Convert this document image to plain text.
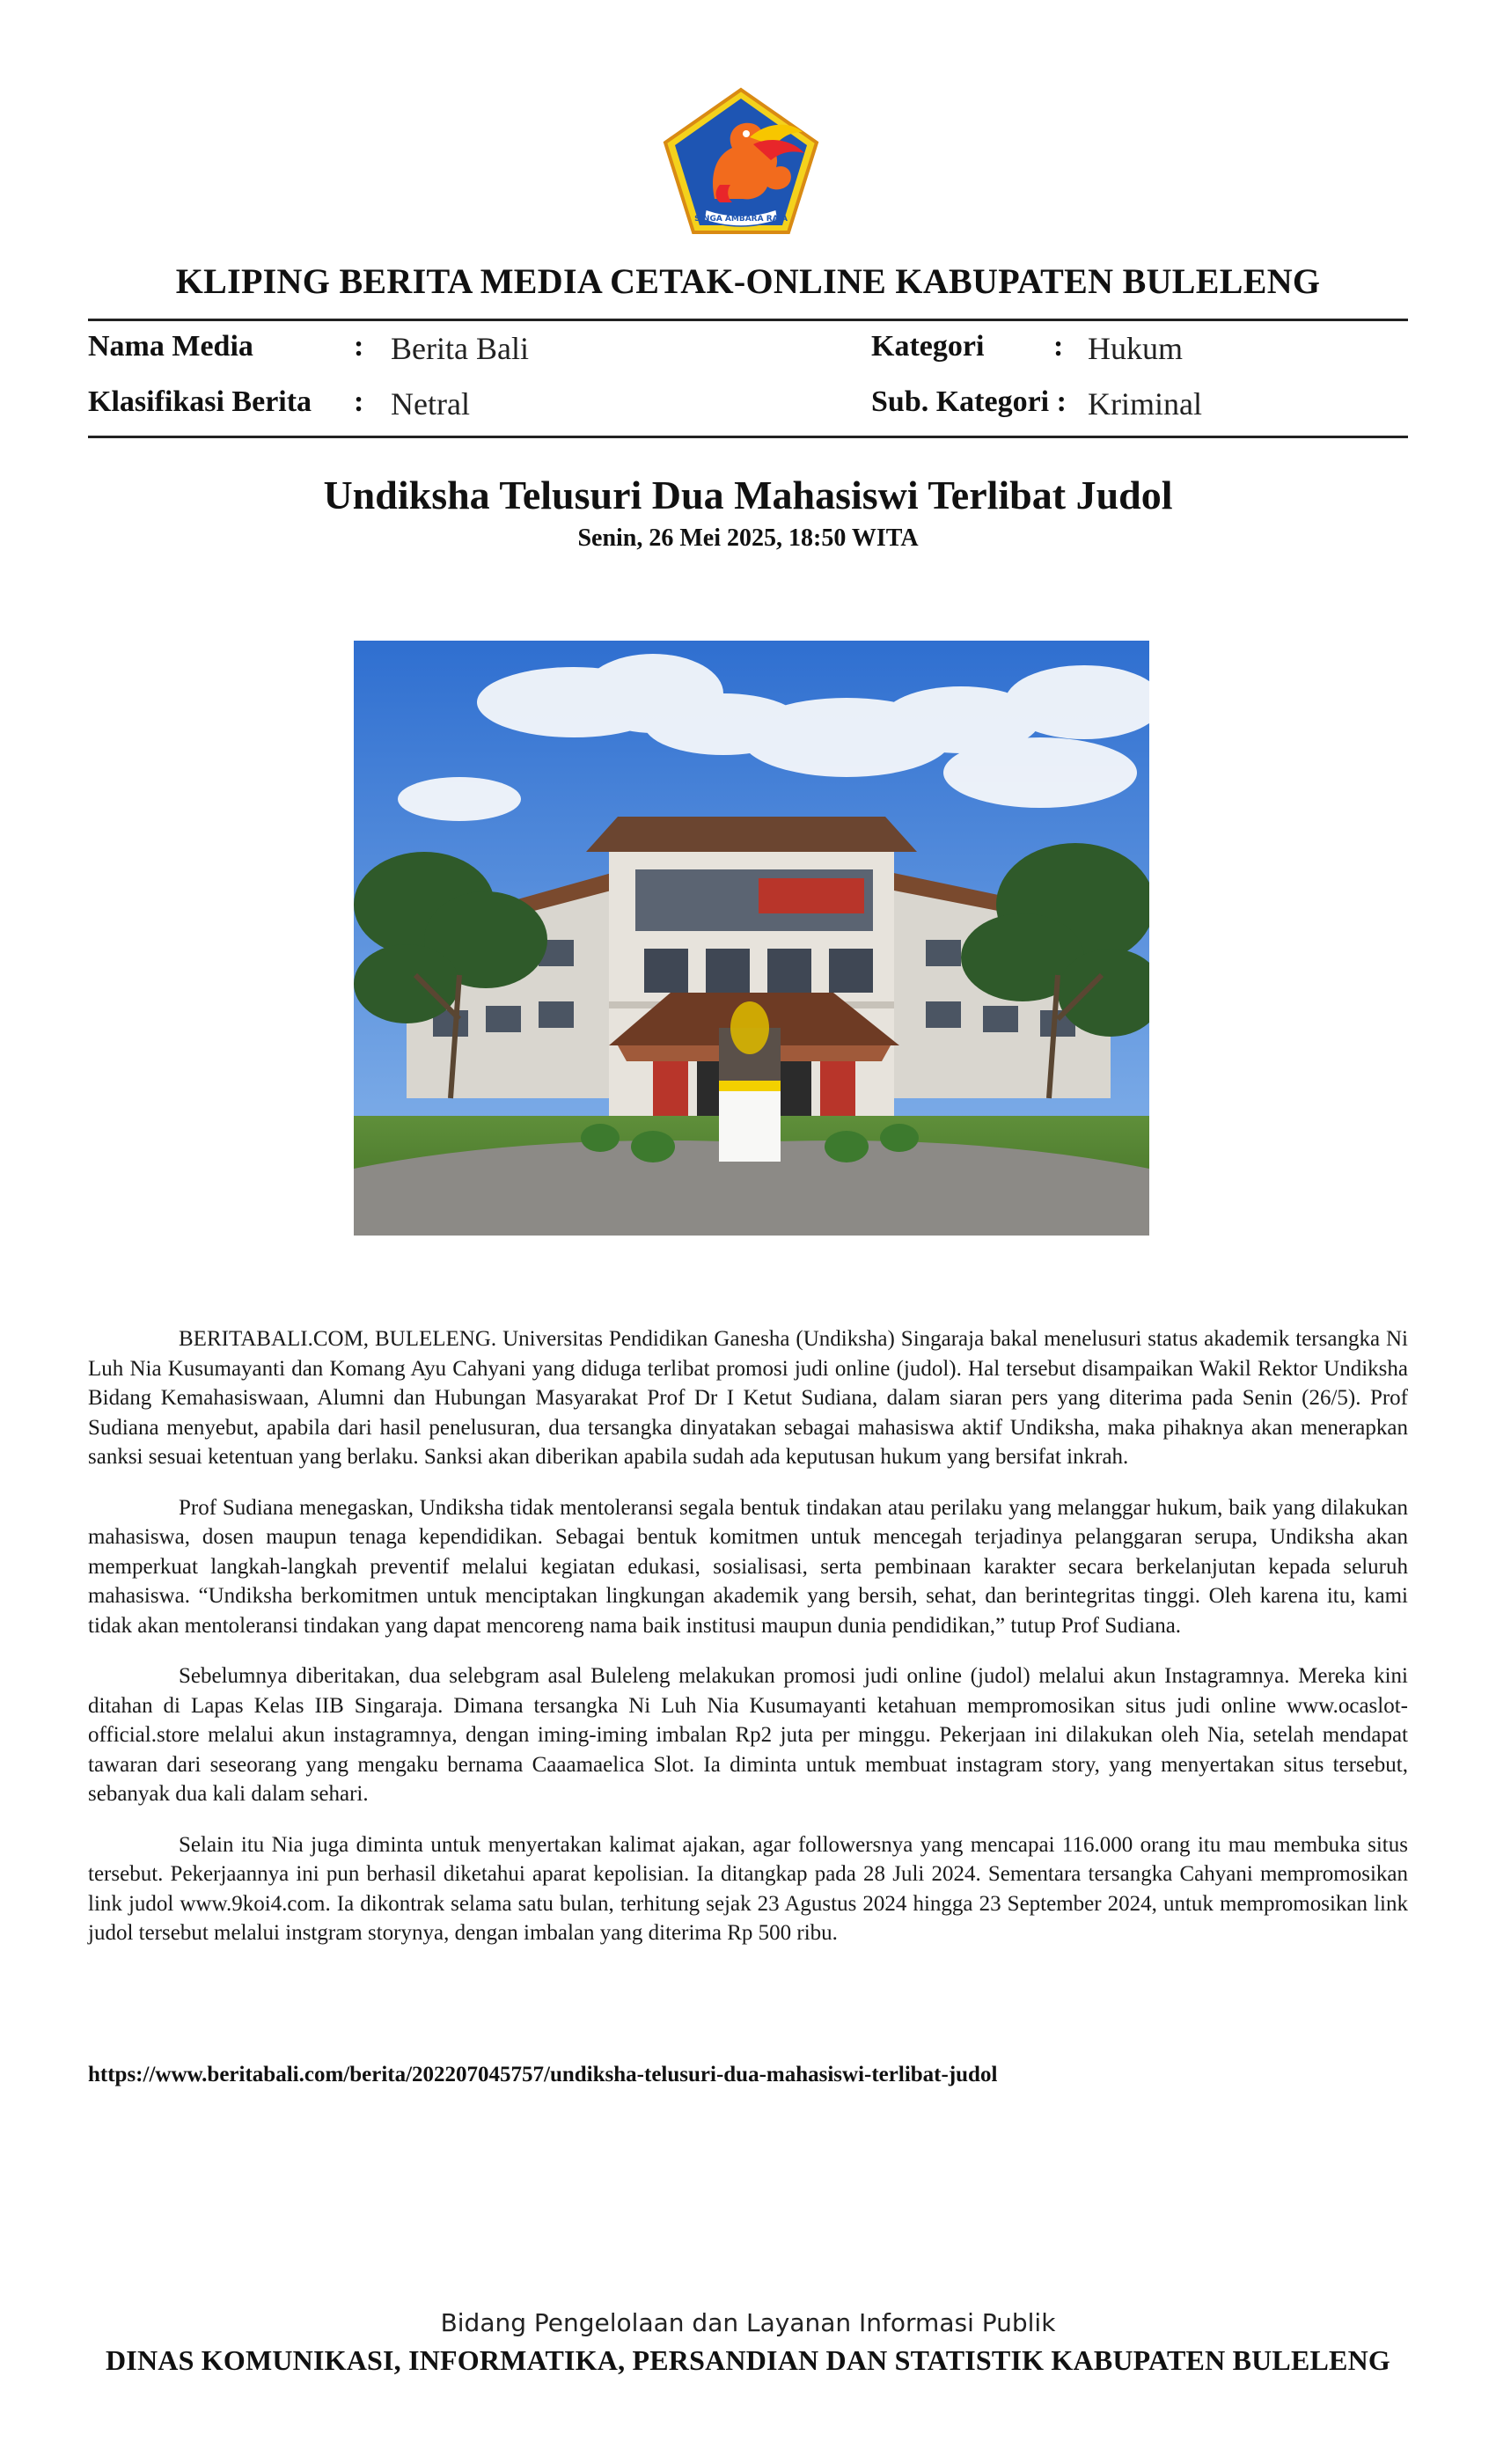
SINGA AMBARA RAJA
KLIPING BERITA MEDIA CETAK-ONLINE KABUPATEN BULELENG
Nama Media	: Berita Bali
Klasifikasi Berita : Netral
Kategori : Hukum
Sub. Kategori : Kriminal
Undiksha Telusuri Dua Mahasiswi Terlibat Judol
Senin, 26 Mei 2025, 18:50 WITA

BERITABALI.COM, BULELENG. Universitas Pendidikan Ganesha (Undiksha) Singaraja bakal menelusuri status akademik tersangka Ni Luh Nia Kusumayanti dan Komang Ayu Cahyani yang diduga terlibat promosi judi online (judol). Hal tersebut disampaikan Wakil Rektor Undiksha Bidang Kemahasiswaan, Alumni dan Hubungan Masyarakat Prof Dr I Ketut Sudiana, dalam siaran pers yang diterima pada Senin (26/5). Prof Sudiana menyebut, apabila dari hasil penelusuran, dua tersangka dinyatakan sebagai mahasiswa aktif Undiksha, maka pihaknya akan menerapkan sanksi sesuai ketentuan yang berlaku. Sanksi akan diberikan apabila sudah ada keputusan hukum yang bersifat inkrah.

Prof Sudiana menegaskan, Undiksha tidak mentoleransi segala bentuk tindakan atau perilaku yang melanggar hukum, baik yang dilakukan mahasiswa, dosen maupun tenaga kependidikan. Sebagai bentuk komitmen untuk mencegah terjadinya pelanggaran serupa, Undiksha akan memperkuat langkah-langkah preventif melalui kegiatan edukasi, sosialisasi, serta pembinaan karakter secara berkelanjutan kepada seluruh mahasiswa. “Undiksha berkomitmen untuk menciptakan lingkungan akademik yang bersih, sehat, dan berintegritas tinggi. Oleh karena itu, kami tidak akan mentoleransi tindakan yang dapat mencoreng nama baik institusi maupun dunia pendidikan,” tutup Prof Sudiana.

Sebelumnya diberitakan, dua selebgram asal Buleleng melakukan promosi judi online (judol) melalui akun Instagramnya. Mereka kini ditahan di Lapas Kelas IIB Singaraja. Dimana tersangka Ni Luh Nia Kusumayanti ketahuan mempromosikan situs judi online www.ocaslot-official.store melalui akun instagramnya, dengan iming-iming imbalan Rp2 juta per minggu. Pekerjaan ini dilakukan oleh Nia, setelah mendapat tawaran dari seseorang yang mengaku bernama Caaamaelica Slot. Ia diminta untuk membuat instagram story, yang menyertakan situs tersebut, sebanyak dua kali dalam sehari.

Selain itu Nia juga diminta untuk menyertakan kalimat ajakan, agar followersnya yang mencapai 116.000 orang itu mau membuka situs tersebut. Pekerjaannya ini pun berhasil diketahui aparat kepolisian. Ia ditangkap pada 28 Juli 2024. Sementara tersangka Cahyani mempromosikan link judol www.9koi4.com. Ia dikontrak selama satu bulan, terhitung sejak 23 Agustus 2024 hingga 23 September 2024, untuk mempromosikan link judol tersebut melalui instgram storynya, dengan imbalan yang diterima Rp 500 ribu.

https://www.beritabali.com/berita/202207045757/undiksha-telusuri-dua-mahasiswi-terlibat-judol
Bidang Pengelolaan dan Layanan Informasi Publik
DINAS KOMUNIKASI, INFORMATIKA, PERSANDIAN DAN STATISTIK KABUPATEN BULELENG
